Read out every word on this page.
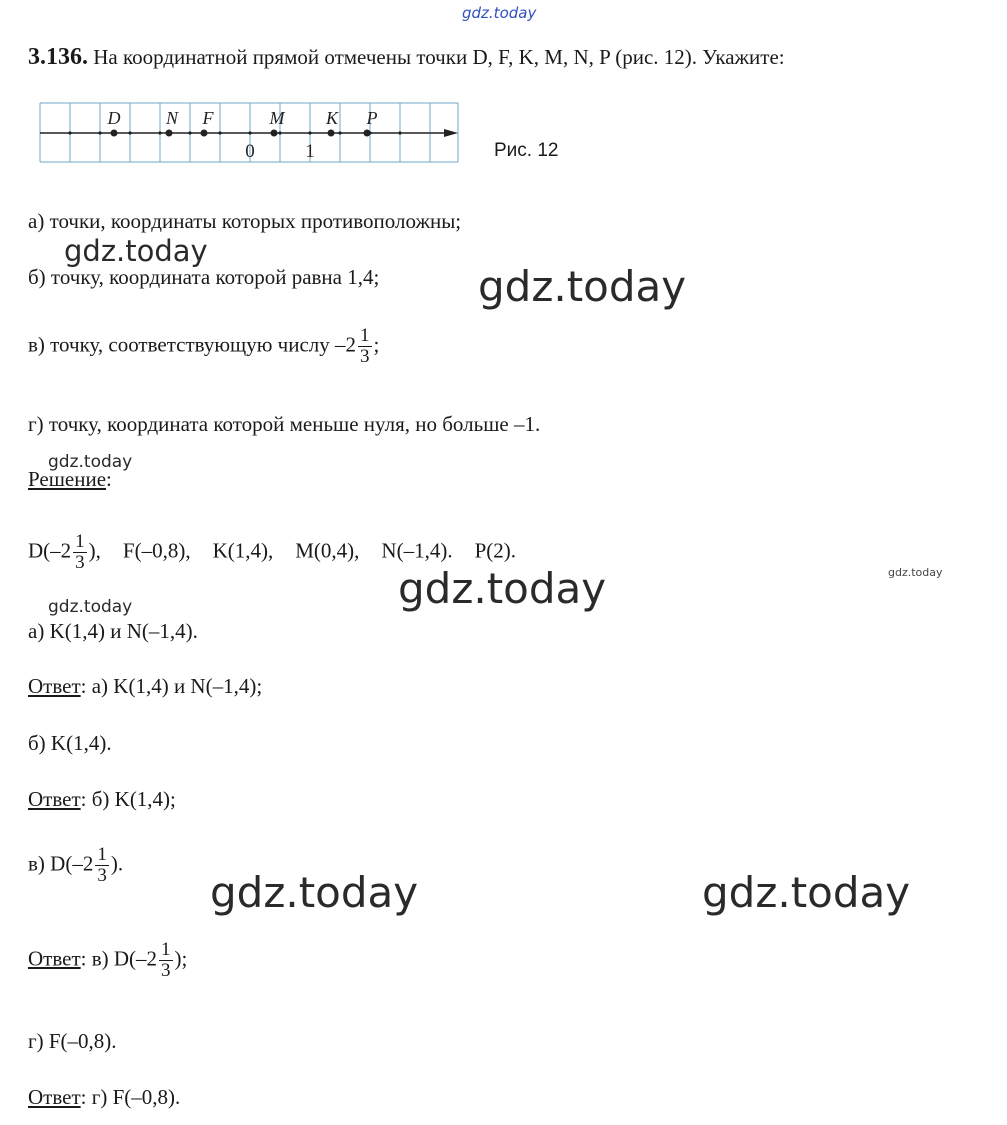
gdz.today
gdz.today
gdz.today
gdz.today
gdz.today	gdz.today
gdz.today
gdz.today	gdz.today
3.136. На координатной прямой отмечены точки D, F, K, M, N, P (рис. 12). Укажите:
D	N F	M K P
0	1	Рис. 12
а) точки, координаты которых противоположны;
б) точку, координата которой равна 1,4;
в) точку, соответствующую числу $-2 \frac{1}{3}$ ;
г) точку, координата которой меньше нуля, но больше –1.
Решение:
$D(-2 \frac{1}{3}$ ), F(–0,8), K(1,4), M(0,4), N(–1,4). P(2).
а) K(1,4) и N(–1,4).
Ответ: а) K(1,4) и N(–1,4);
б) K(1,4).
Ответ: б) K(1,4);
в) $D(-2 \frac{1}{3}$ ).
Ответ: в) $D(-2 \frac{1}{3}$ );
г) F(–0,8).
Ответ: г) F(–0,8).
